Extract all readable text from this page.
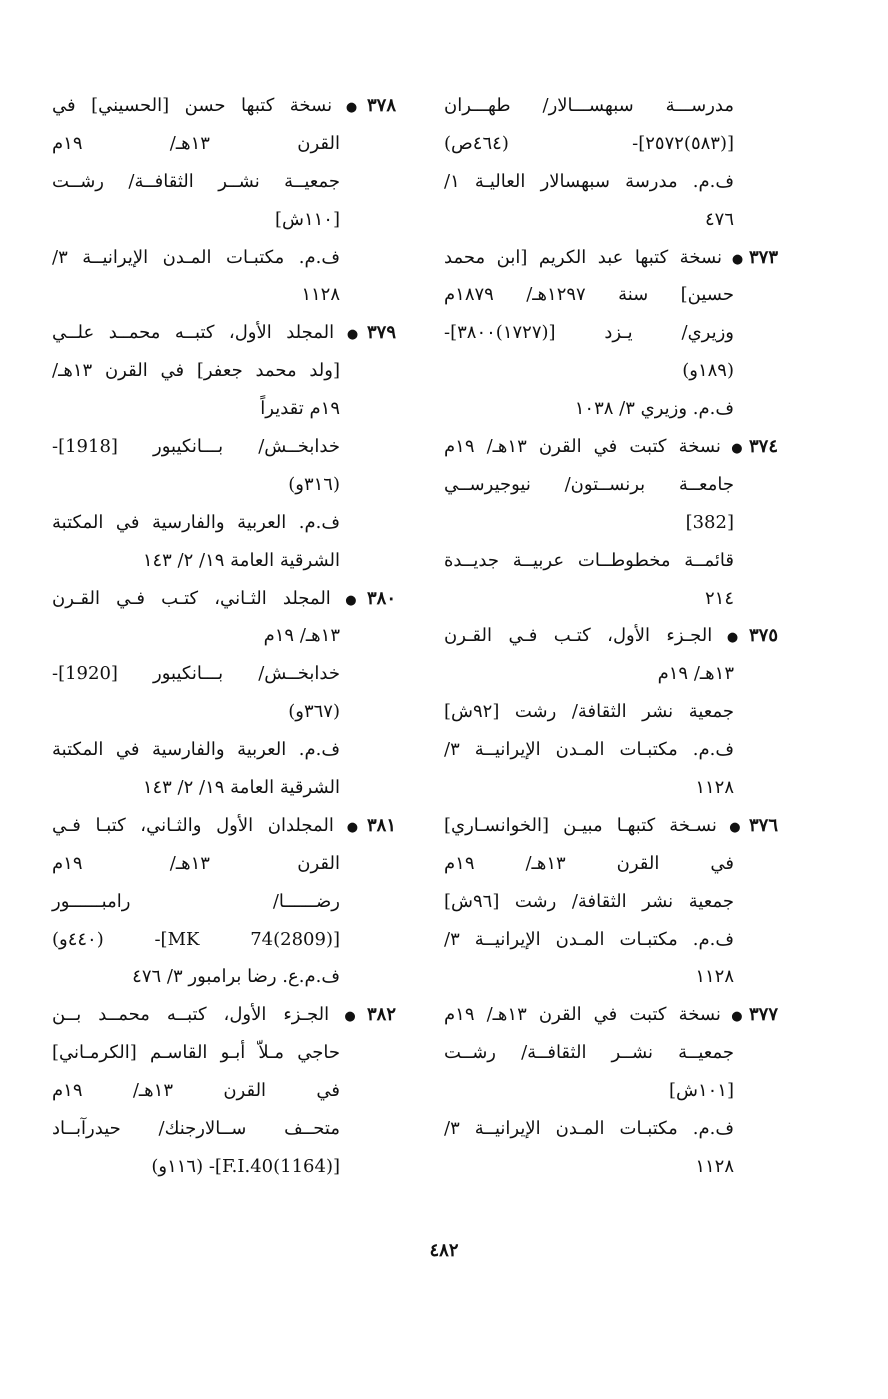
مدرســـة سبهســـالار/ طهـــران
[(٥٨٣)٢٥٧٢]- (٤٦٤ص)
ف.م. مدرسة سبهسالار العاليـة ١/
٤٧٦
٣٧٣●نسخة كتبها عبد الكريم [ابن محمد
حسين] سنة ١٢٩٧هـ/ ١٨٧٩م
وزيري/ يـزد [(١٧٢٧)٣٨٠٠]-
(١٨٩و)
ف.م. وزيري ٣/ ١٠٣٨
٣٧٤●نسخة كتبت في القرن ١٣هـ/ ١٩م
جامعــة برنســتون/ نيوجيرســي
[382]
قائمــة مخطوطــات عربيــة جديــدة
٢١٤
٣٧٥●الجـزء الأول، كتـب فـي القـرن
١٣هـ/ ١٩م
جمعية نشر الثقافة/ رشت [٩٢ش]
ف.م. مكتبـات المـدن الإيرانيــة ٣/
١١٢٨
٣٧٦●نسـخة كتبهـا مبيـن [الخوانسـاري]
في القرن ١٣هـ/ ١٩م
جمعية نشر الثقافة/ رشت [٩٦ش]
ف.م. مكتبـات المـدن الإيرانيــة ٣/
١١٢٨
٣٧٧●نسخة كتبت في القرن ١٣هـ/ ١٩م
جمعيــة نشــر الثقافــة/ رشــت
[١٠١ش]
ف.م. مكتبـات المـدن الإيرانيــة ٣/
١١٢٨
٣٧٨●نسخة كتبها حسن [الحسيني] في
القرن ١٣هـ/ ١٩م
جمعيــة نشــر الثقافــة/ رشــت
[١١٠ش]
ف.م. مكتبـات المـدن الإيرانيــة ٣/
١١٢٨
٣٧٩●المجلد الأول، كتبــه محمــد علــي
[ولد محمد جعفر] في القرن ١٣هـ/
١٩م تقديراً
خدابخــش/ بـــانكيبور [1918]-
(٣١٦و)
ف.م. العربية والفارسية في المكتبة
الشرقية العامة ١٩/ ٢/ ١٤٣
٣٨٠●المجلد الثـاني، كتـب فـي القـرن
١٣هـ/ ١٩م
خدابخــش/ بـــانكيبور [1920]-
(٣٦٧و)
ف.م. العربية والفارسية في المكتبة
الشرقية العامة ١٩/ ٢/ ١٤٣
٣٨١●المجلدان الأول والثـاني، كتبـا فـي
القرن ١٣هـ/ ١٩م
رضــــــا/ رامبــــــور
[(2809)74 MK]- (٤٤٠و)
ف.م.ع. رضا برامبور ٣/ ٤٧٦
٣٨٢●الجـزء الأول، كتبــه محمــد بــن
حاجي مـلاّ أبـو القاسـم [الكرمـاني]
في القرن ١٣هـ/ ١٩م
متحــف ســالارجنك/ حيدرآبــاد
[(1164)F.I.40]- (١١٦و)
٤٨٢
